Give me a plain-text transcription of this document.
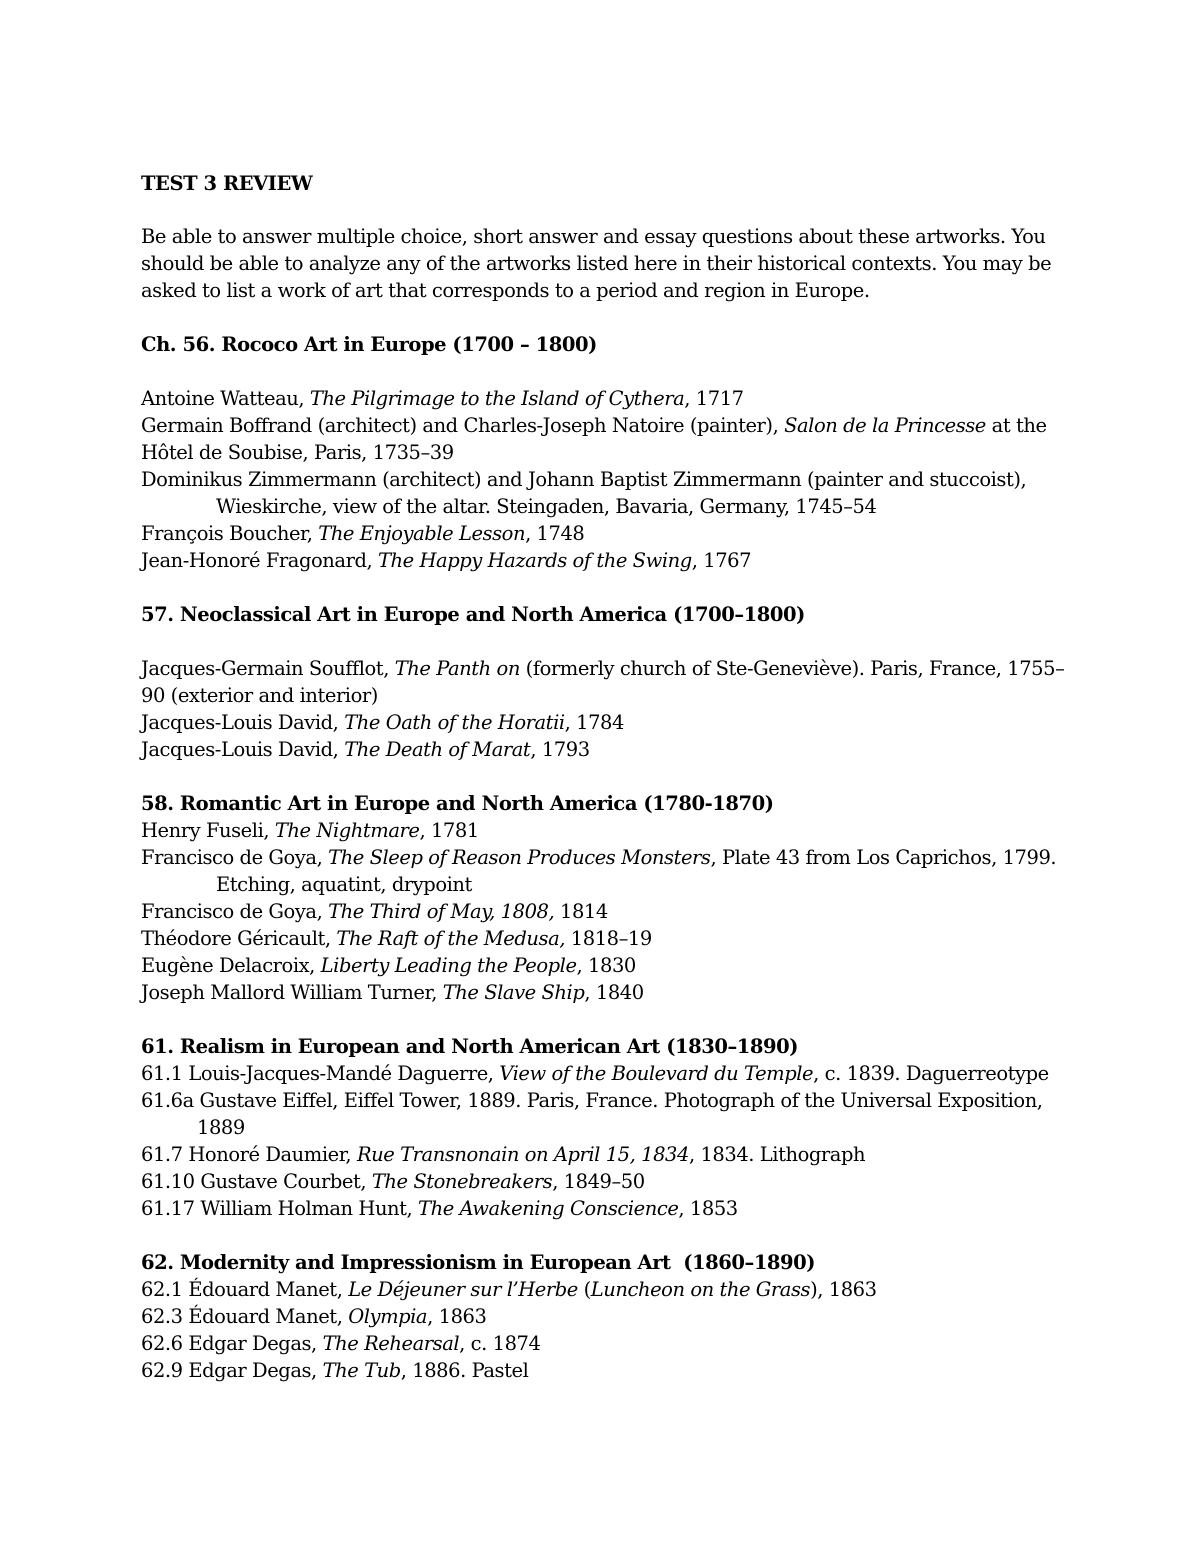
TEST 3 REVIEW

Be able to answer multiple choice, short answer and essay questions about these artworks. You should be able to analyze any of the artworks listed here in their historical contexts. You may be asked to list a work of art that corresponds to a period and region in Europe.

Ch. 56. Rococo Art in Europe (1700 – 1800)

Antoine Watteau, The Pilgrimage to the Island of Cythera, 1717

Germain Boffrand (architect) and Charles-Joseph Natoire (painter), Salon de la Princesse at the Hôtel de Soubise, Paris, 1735–39

Dominikus Zimmermann (architect) and Johann Baptist Zimmermann (painter and stuccoist), Wieskirche, view of the altar. Steingaden, Bavaria, Germany, 1745–54

François Boucher, The Enjoyable Lesson, 1748

Jean-Honoré Fragonard, The Happy Hazards of the Swing, 1767

57. Neoclassical Art in Europe and North America (1700–1800)

Jacques-Germain Soufflot, The Panth on (formerly church of Ste-Geneviève). Paris, France, 1755–90 (exterior and interior)

Jacques-Louis David, The Oath of the Horatii, 1784

Jacques-Louis David, The Death of Marat, 1793

58. Romantic Art in Europe and North America (1780-1870)

Henry Fuseli, The Nightmare, 1781

Francisco de Goya, The Sleep of Reason Produces Monsters, Plate 43 from Los Caprichos, 1799. Etching, aquatint, drypoint

Francisco de Goya, The Third of May, 1808, 1814

Théodore Géricault, The Raft of the Medusa, 1818–19

Eugène Delacroix, Liberty Leading the People, 1830

Joseph Mallord William Turner, The Slave Ship, 1840

61. Realism in European and North American Art (1830–1890)

61.1 Louis-Jacques-Mandé Daguerre, View of the Boulevard du Temple, c. 1839. Daguerreotype

61.6a Gustave Eiffel, Eiffel Tower, 1889. Paris, France. Photograph of the Universal Exposition, 1889

61.7 Honoré Daumier, Rue Transnonain on April 15, 1834, 1834. Lithograph

61.10 Gustave Courbet, The Stonebreakers, 1849–50

61.17 William Holman Hunt, The Awakening Conscience, 1853

62. Modernity and Impressionism in European Art  (1860–1890)

62.1 Édouard Manet, Le Déjeuner sur l’Herbe (Luncheon on the Grass), 1863

62.3 Édouard Manet, Olympia, 1863

62.6 Edgar Degas, The Rehearsal, c. 1874

62.9 Edgar Degas, The Tub, 1886. Pastel
